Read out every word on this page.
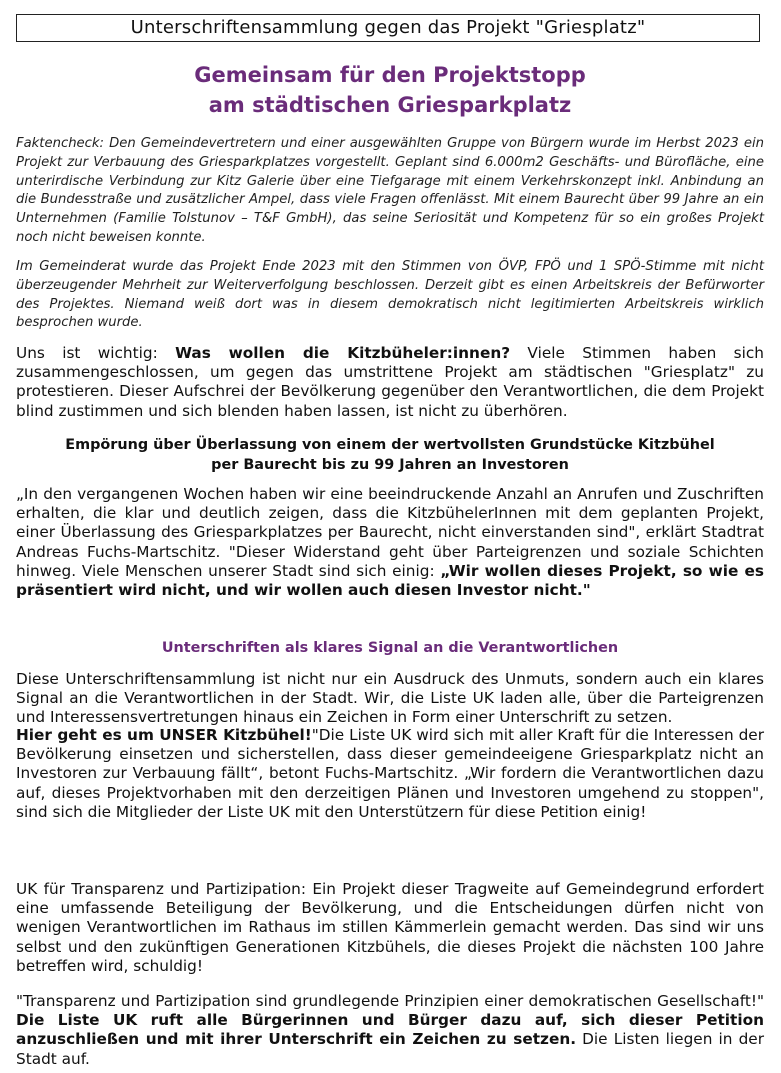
Unterschriftensammlung gegen das Projekt "Griesplatz"
Gemeinsam für den Projektstopp
am städtischen Griesparkplatz

Faktencheck: Den Gemeindevertretern und einer ausgewählten Gruppe von Bürgern wurde im Herbst 2023 ein Projekt zur Verbauung des Griesparkplatzes vorgestellt. Geplant sind 6.000m2 Geschäfts- und Bürofläche, eine unterirdische Verbindung zur Kitz Galerie über eine Tiefgarage mit einem Verkehrskonzept inkl. Anbindung an die Bundesstraße und zusätzlicher Ampel, dass viele Fragen offenlässt. Mit einem Baurecht über 99 Jahre an ein Unternehmen (Familie Tolstunov – T&F GmbH), das seine Seriosität und Kompetenz für so ein großes Projekt noch nicht beweisen konnte.

Im Gemeinderat wurde das Projekt Ende 2023 mit den Stimmen von ÖVP, FPÖ und 1 SPÖ-Stimme mit nicht überzeugender Mehrheit zur Weiterverfolgung beschlossen. Derzeit gibt es einen Arbeitskreis der Befürworter des Projektes. Niemand weiß dort was in diesem demokratisch nicht legitimierten Arbeitskreis wirklich besprochen wurde.

Uns ist wichtig: Was wollen die Kitzbüheler:innen? Viele Stimmen haben sich zusammengeschlossen, um gegen das umstrittene Projekt am städtischen "Griesplatz" zu protestieren. Dieser Aufschrei der Bevölkerung gegenüber den Verantwortlichen, die dem Projekt blind zustimmen und sich blenden haben lassen, ist nicht zu überhören.

Empörung über Überlassung von einem der wertvollsten Grundstücke Kitzbühel
per Baurecht bis zu 99 Jahren an Investoren

„In den vergangenen Wochen haben wir eine beeindruckende Anzahl an Anrufen und Zuschriften erhalten, die klar und deutlich zeigen, dass die KitzbühelerInnen mit dem geplanten Projekt, einer Überlassung des Griesparkplatzes per Baurecht, nicht einverstanden sind", erklärt Stadtrat Andreas Fuchs-Martschitz. "Dieser Widerstand geht über Parteigrenzen und soziale Schichten hinweg. Viele Menschen unserer Stadt sind sich einig: „Wir wollen dieses Projekt, so wie es präsentiert wird nicht, und wir wollen auch diesen Investor nicht."

Unterschriften als klares Signal an die Verantwortlichen

Diese Unterschriftensammlung ist nicht nur ein Ausdruck des Unmuts, sondern auch ein klares Signal an die Verantwortlichen in der Stadt. Wir, die Liste UK laden alle, über die Parteigrenzen und Interessensvertretungen hinaus ein Zeichen in Form einer Unterschrift zu setzen.

Hier geht es um UNSER Kitzbühel!"Die Liste UK wird sich mit aller Kraft für die Interessen der Bevölkerung einsetzen und sicherstellen, dass dieser gemeindeeigene Griesparkplatz nicht an Investoren zur Verbauung fällt“, betont Fuchs-Martschitz. „Wir fordern die Verantwortlichen dazu auf, dieses Projektvorhaben mit den derzeitigen Plänen und Investoren umgehend zu stoppen", sind sich die Mitglieder der Liste UK mit den Unterstützern für diese Petition einig!

UK für Transparenz und Partizipation: Ein Projekt dieser Tragweite auf Gemeindegrund erfordert eine umfassende Beteiligung der Bevölkerung, und die Entscheidungen dürfen nicht von wenigen Verantwortlichen im Rathaus im stillen Kämmerlein gemacht werden. Das sind wir uns selbst und den zukünftigen Generationen Kitzbühels, die dieses Projekt die nächsten 100 Jahre betreffen wird, schuldig!

"Transparenz und Partizipation sind grundlegende Prinzipien einer demokratischen Gesellschaft!" Die Liste UK ruft alle Bürgerinnen und Bürger dazu auf, sich dieser Petition anzuschließen und mit ihrer Unterschrift ein Zeichen zu setzen. Die Listen liegen in der Stadt auf.
